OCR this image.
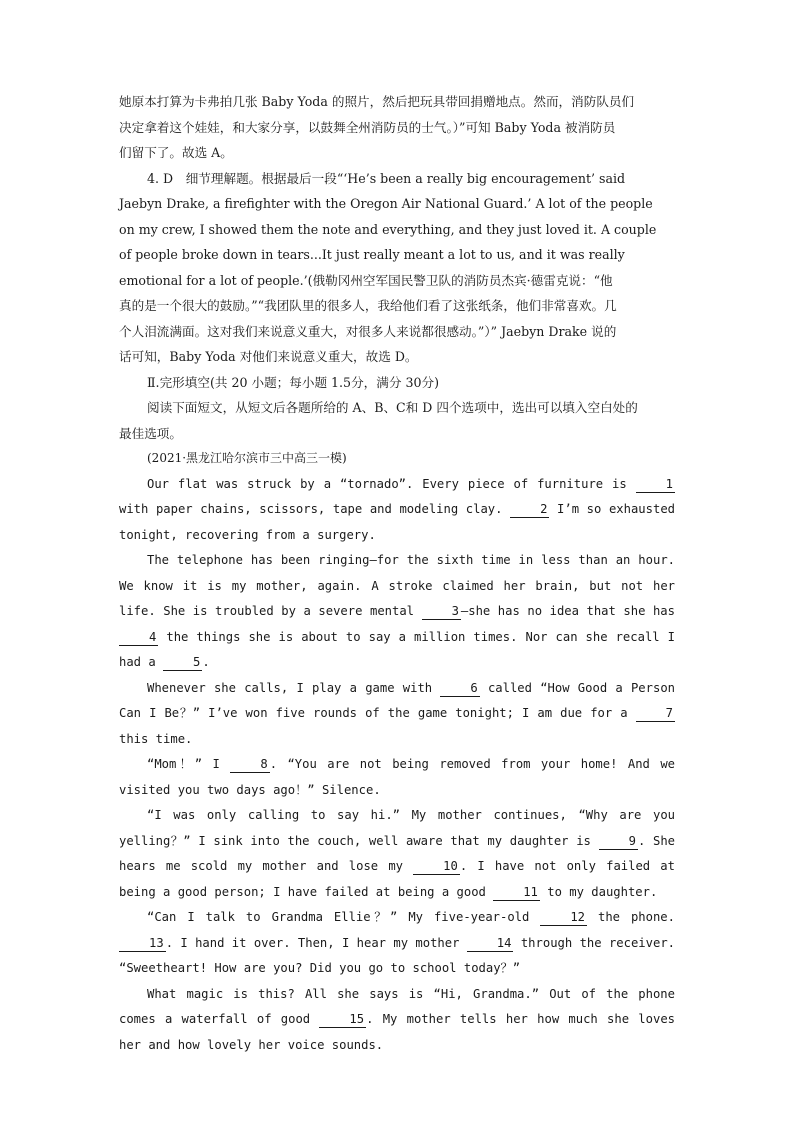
她原本打算为卡弗拍几张 Baby Yoda 的照片，然后把玩具带回捐赠地点。然而，消防队员们
决定拿着这个娃娃，和大家分享，以鼓舞全州消防员的士气。）”可知 Baby Yoda 被消防员
们留下了。故选 A。
4. D　细节理解题。根据最后一段“‘He’s been a really big encouragement’ said
Jaebyn Drake, a firefighter with the Oregon Air National Guard.’ A lot of the people
on my crew, I showed them the note and everything, and they just loved it. A couple
of people broke down in tears...It just really meant a lot to us, and it was really
emotional for a lot of people.’(俄勒冈州空军国民警卫队的消防员杰宾·德雷克说：“他
真的是一个很大的鼓励。”“我团队里的很多人，我给他们看了这张纸条，他们非常喜欢。几
个人泪流满面。这对我们来说意义重大，对很多人来说都很感动。”）” Jaebyn Drake 说的
话可知，Baby Yoda 对他们来说意义重大，故选 D。
Ⅱ.完形填空(共 20 小题；每小题 1.5分，满分 30分)
阅读下面短文，从短文后各题所给的 A、B、C和 D 四个选项中，选出可以填入空白处的
最佳选项。
(2021·黑龙江哈尔滨市三中高三一模)

Our flat was struck by a “tornado”. Every piece of furniture is 1 with paper chains, scissors, tape and modeling clay. 2 I’m so exhausted tonight, recovering from a surgery.

The telephone has been ringing—for the sixth time in less than an hour. We know it is my mother, again. A stroke claimed her brain, but not her life. She is troubled by a severe mental 3 —she has no idea that she has 4 the things she is about to say a million times. Nor can she recall I had a 5 .

Whenever she calls, I play a game with 6 called “How Good a Person Can I Be？” I’ve won five rounds of the game tonight; I am due for a 7 this time.

“Mom！” I 8 . “You are not being removed from your home! And we visited you two days ago！” Silence.

“I was only calling to say hi.” My mother continues, “Why are you yelling？” I sink into the couch, well aware that my daughter is 9 . She hears me scold my mother and lose my 10 . I have not only failed at being a good person; I have failed at being a good 11 to my daughter.

“Can I talk to Grandma Ellie？” My five-year-old 12 the phone. 13 . I hand it over. Then, I hear my mother 14 through the receiver. “Sweetheart! How are you? Did you go to school today？”

What magic is this? All she says is “Hi, Grandma.” Out of the phone comes a waterfall of good 15 . My mother tells her how much she loves her and how lovely her voice sounds.
